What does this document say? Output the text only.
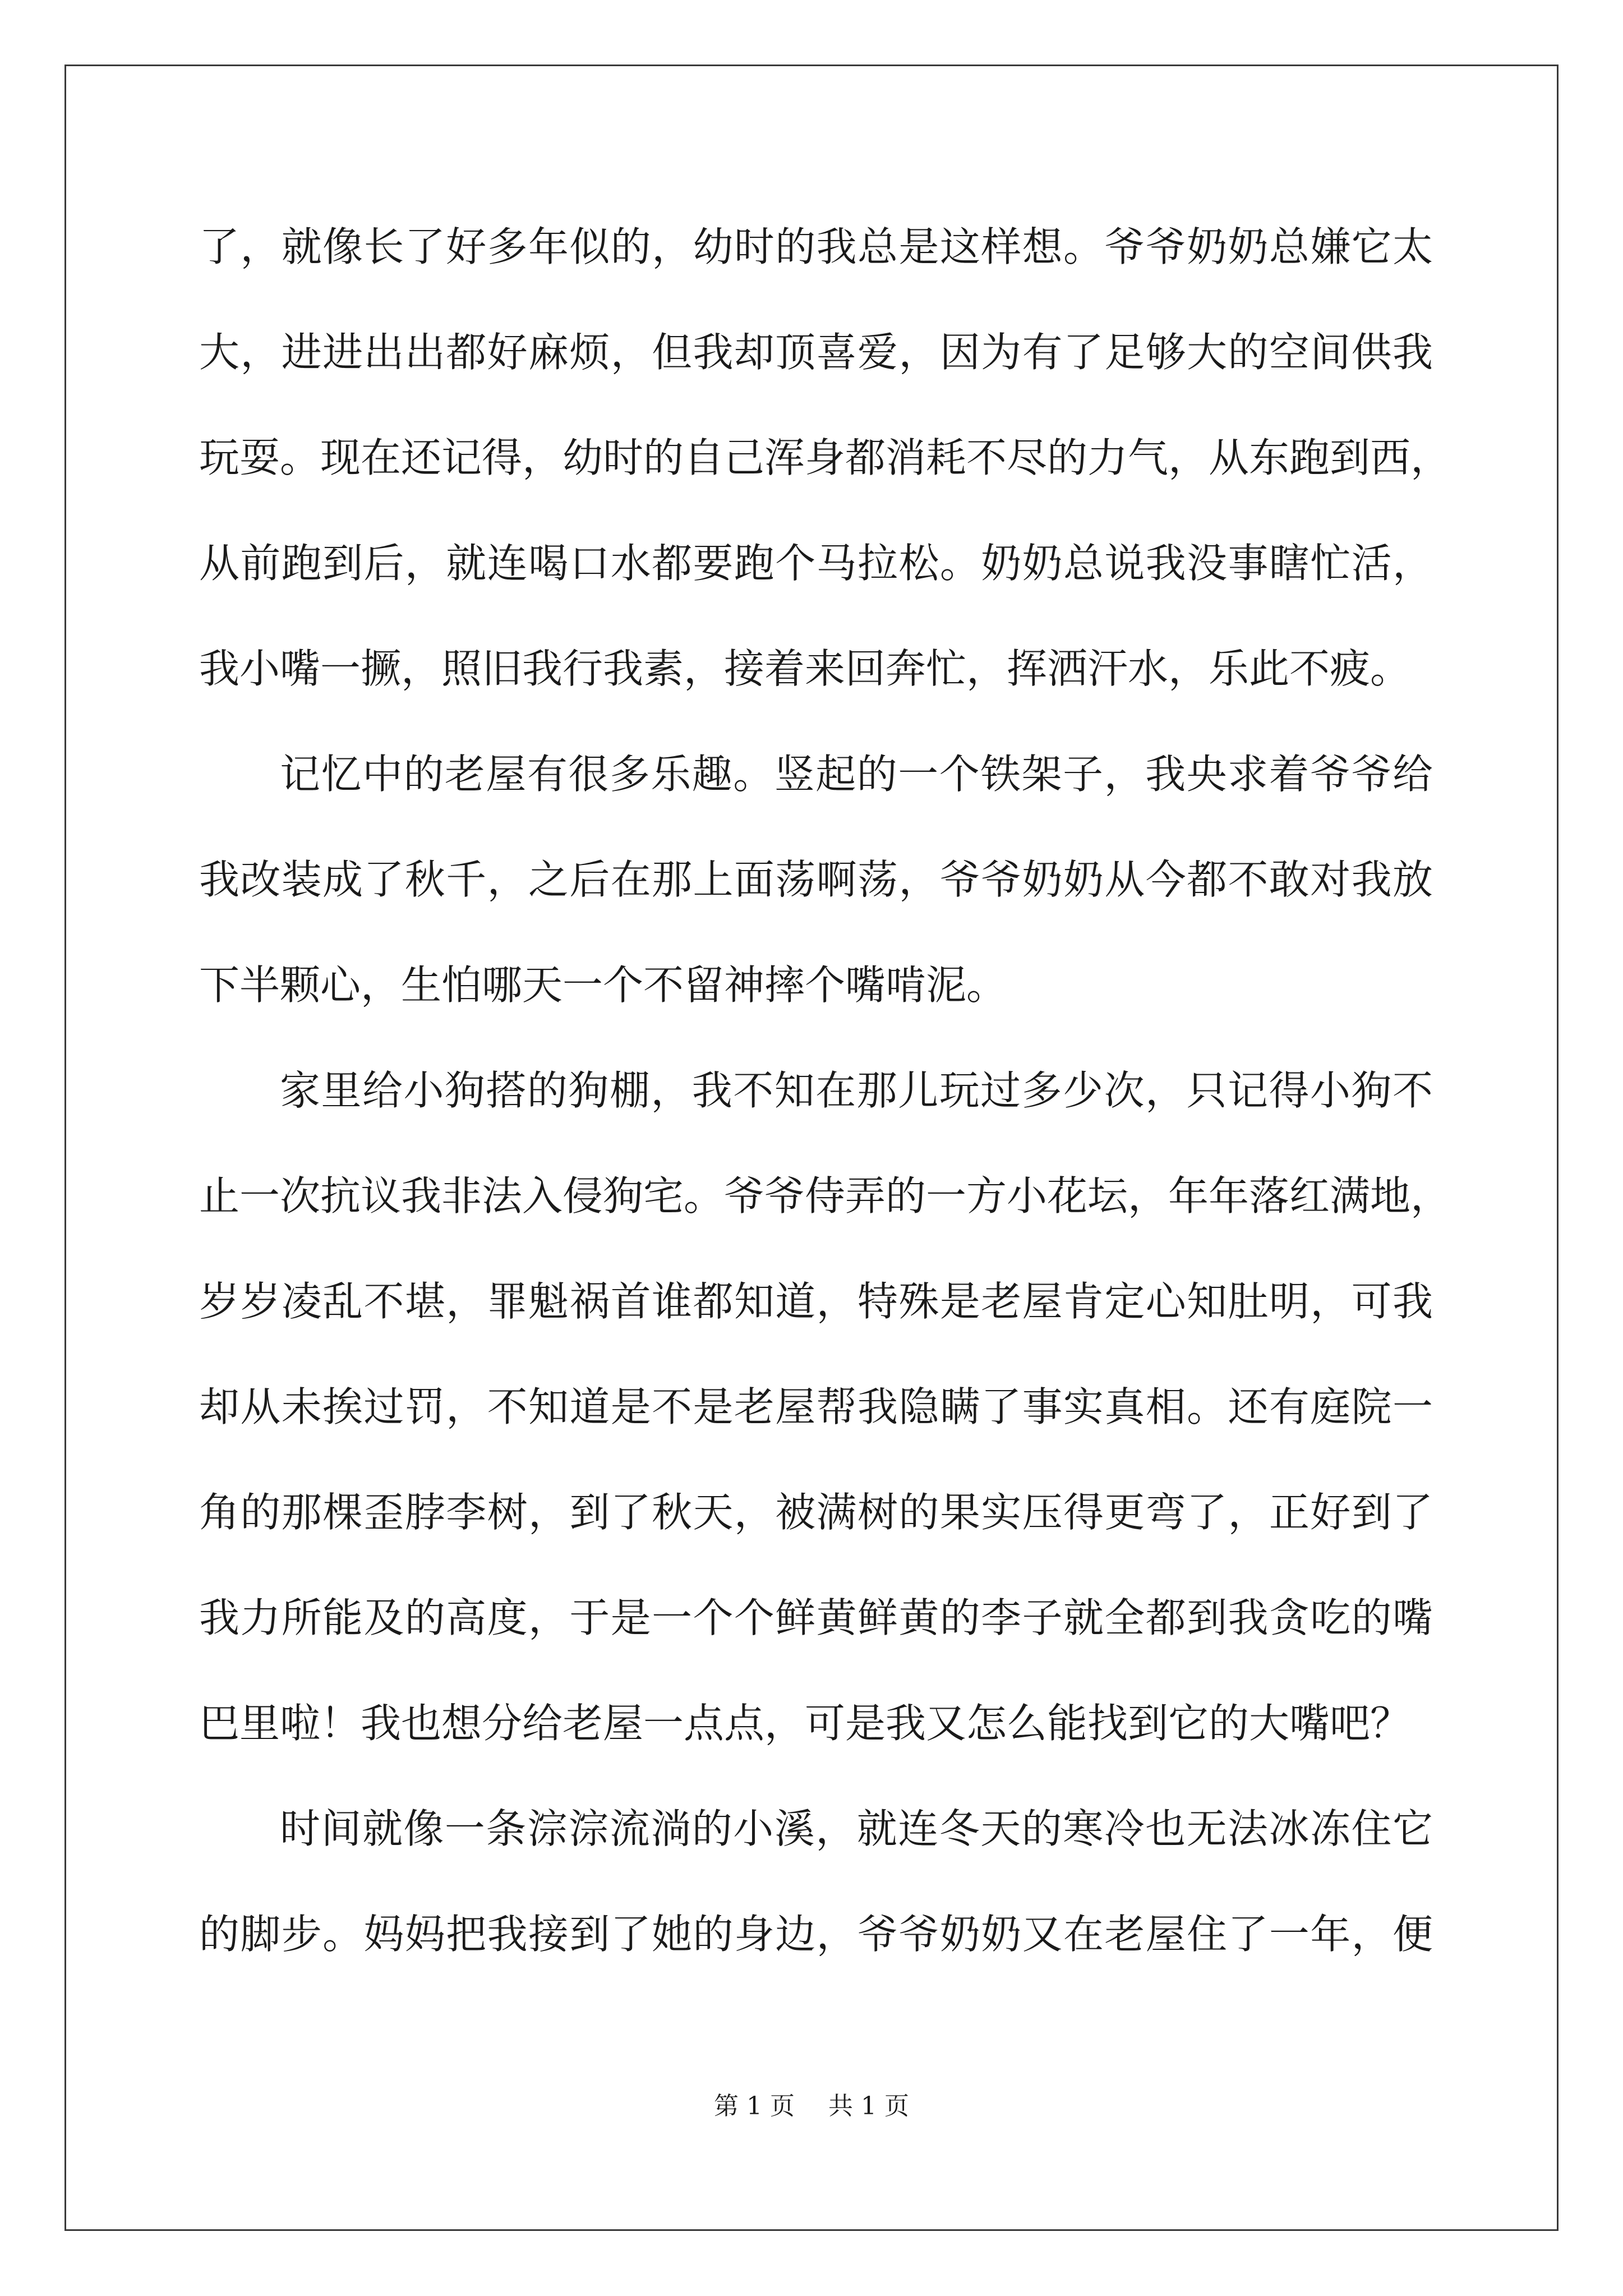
了，就像长了好多年似的，幼时的我总是这样想。爷爷奶奶总嫌它太
大，进进出出都好麻烦，但我却顶喜爱，因为有了足够大的空间供我
玩耍。现在还记得，幼时的自己浑身都消耗不尽的力气，从东跑到西，
从前跑到后，就连喝口水都要跑个马拉松。奶奶总说我没事瞎忙活，
我小嘴一撅，照旧我行我素，接着来回奔忙，挥洒汗水，乐此不疲。
记忆中的老屋有很多乐趣。竖起的一个铁架子，我央求着爷爷给
我改装成了秋千，之后在那上面荡啊荡，爷爷奶奶从今都不敢对我放
下半颗心，生怕哪天一个不留神摔个嘴啃泥。
家里给小狗搭的狗棚，我不知在那儿玩过多少次，只记得小狗不
止一次抗议我非法入侵狗宅。爷爷侍弄的一方小花坛，年年落红满地，
岁岁凌乱不堪，罪魁祸首谁都知道，特殊是老屋肯定心知肚明，可我
却从未挨过罚，不知道是不是老屋帮我隐瞒了事实真相。还有庭院一
角的那棵歪脖李树，到了秋天，被满树的果实压得更弯了，正好到了
我力所能及的高度，于是一个个鲜黄鲜黄的李子就全都到我贪吃的嘴
巴里啦！我也想分给老屋一点点，可是我又怎么能找到它的大嘴吧？
时间就像一条淙淙流淌的小溪，就连冬天的寒冷也无法冰冻住它
的脚步。妈妈把我接到了她的身边，爷爷奶奶又在老屋住了一年，便
第 1 页 共 1 页
